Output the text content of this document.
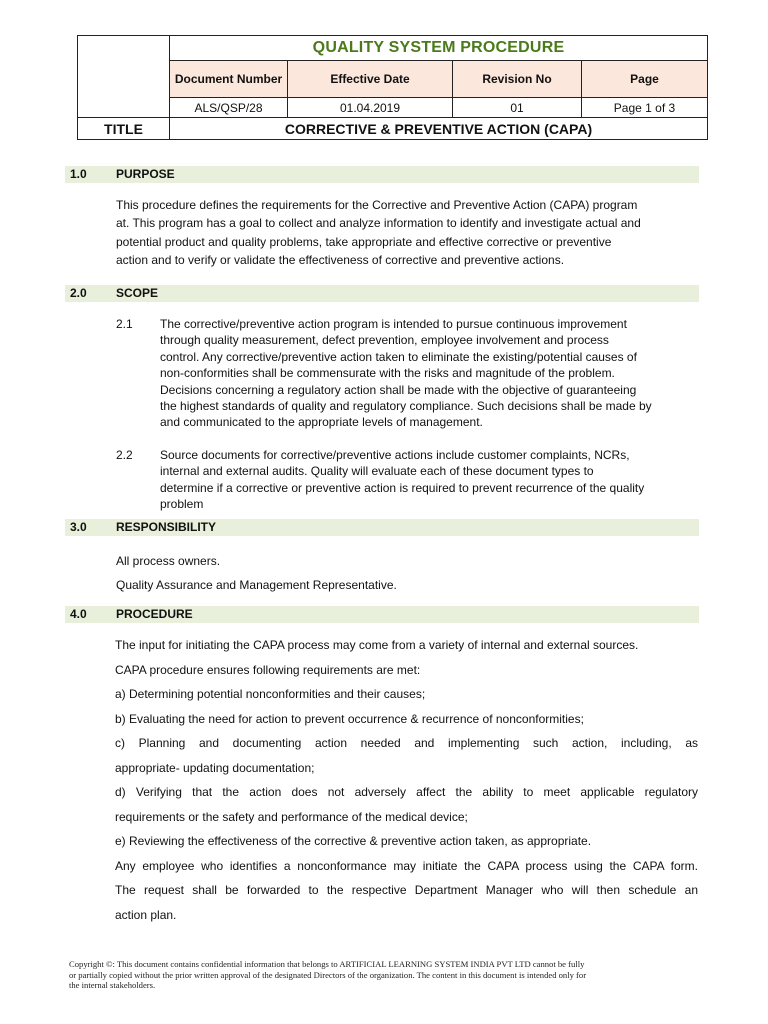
	QUALITY SYSTEM PROCEDURE			
	Document Number	Effective Date	Revision No	Page
	ALS/QSP/28	01.04.2019	01	Page 1 of 3
TITLE	CORRECTIVE & PREVENTIVE ACTION (CAPA)			
1.0 PURPOSE
This procedure defines the requirements for the Corrective and Preventive Action (CAPA) program
at. This program has a goal to collect and analyze information to identify and investigate actual and
potential product and quality problems, take appropriate and effective corrective or preventive
action and to verify or validate the effectiveness of corrective and preventive actions.
2.0 SCOPE
2.1 The corrective/preventive action program is intended to pursue continuous improvement
through quality measurement, defect prevention, employee involvement and process
control. Any corrective/preventive action taken to eliminate the existing/potential causes of
non-conformities shall be commensurate with the risks and magnitude of the problem.
Decisions concerning a regulatory action shall be made with the objective of guaranteeing
the highest standards of quality and regulatory compliance. Such decisions shall be made by
and communicated to the appropriate levels of management.
2.2 Source documents for corrective/preventive actions include customer complaints, NCRs,
internal and external audits. Quality will evaluate each of these document types to
determine if a corrective or preventive action is required to prevent recurrence of the quality
problem
3.0 RESPONSIBILITY
All process owners.
Quality Assurance and Management Representative.
4.0 PROCEDURE

The input for initiating the CAPA process may come from a variety of internal and external sources.

CAPA procedure ensures following requirements are met:

a) Determining potential nonconformities and their causes;

b) Evaluating the need for action to prevent occurrence & recurrence of nonconformities;

c) Planning and documenting action needed and implementing such action, including, as

appropriate- updating documentation;

d) Verifying that the action does not adversely affect the ability to meet applicable regulatory

requirements or the safety and performance of the medical device;

e) Reviewing the effectiveness of the corrective & preventive action taken, as appropriate.

Any employee who identifies a nonconformance may initiate the CAPA process using the CAPA form.

The request shall be forwarded to the respective Department Manager who will then schedule an

action plan.

Copyright ©: This document contains confidential information that belongs to ARTIFICIAL LEARNING SYSTEM INDIA PVT LTD cannot be fully
or partially copied without the prior written approval of the designated Directors of the organization. The content in this document is intended only for
the internal stakeholders.
